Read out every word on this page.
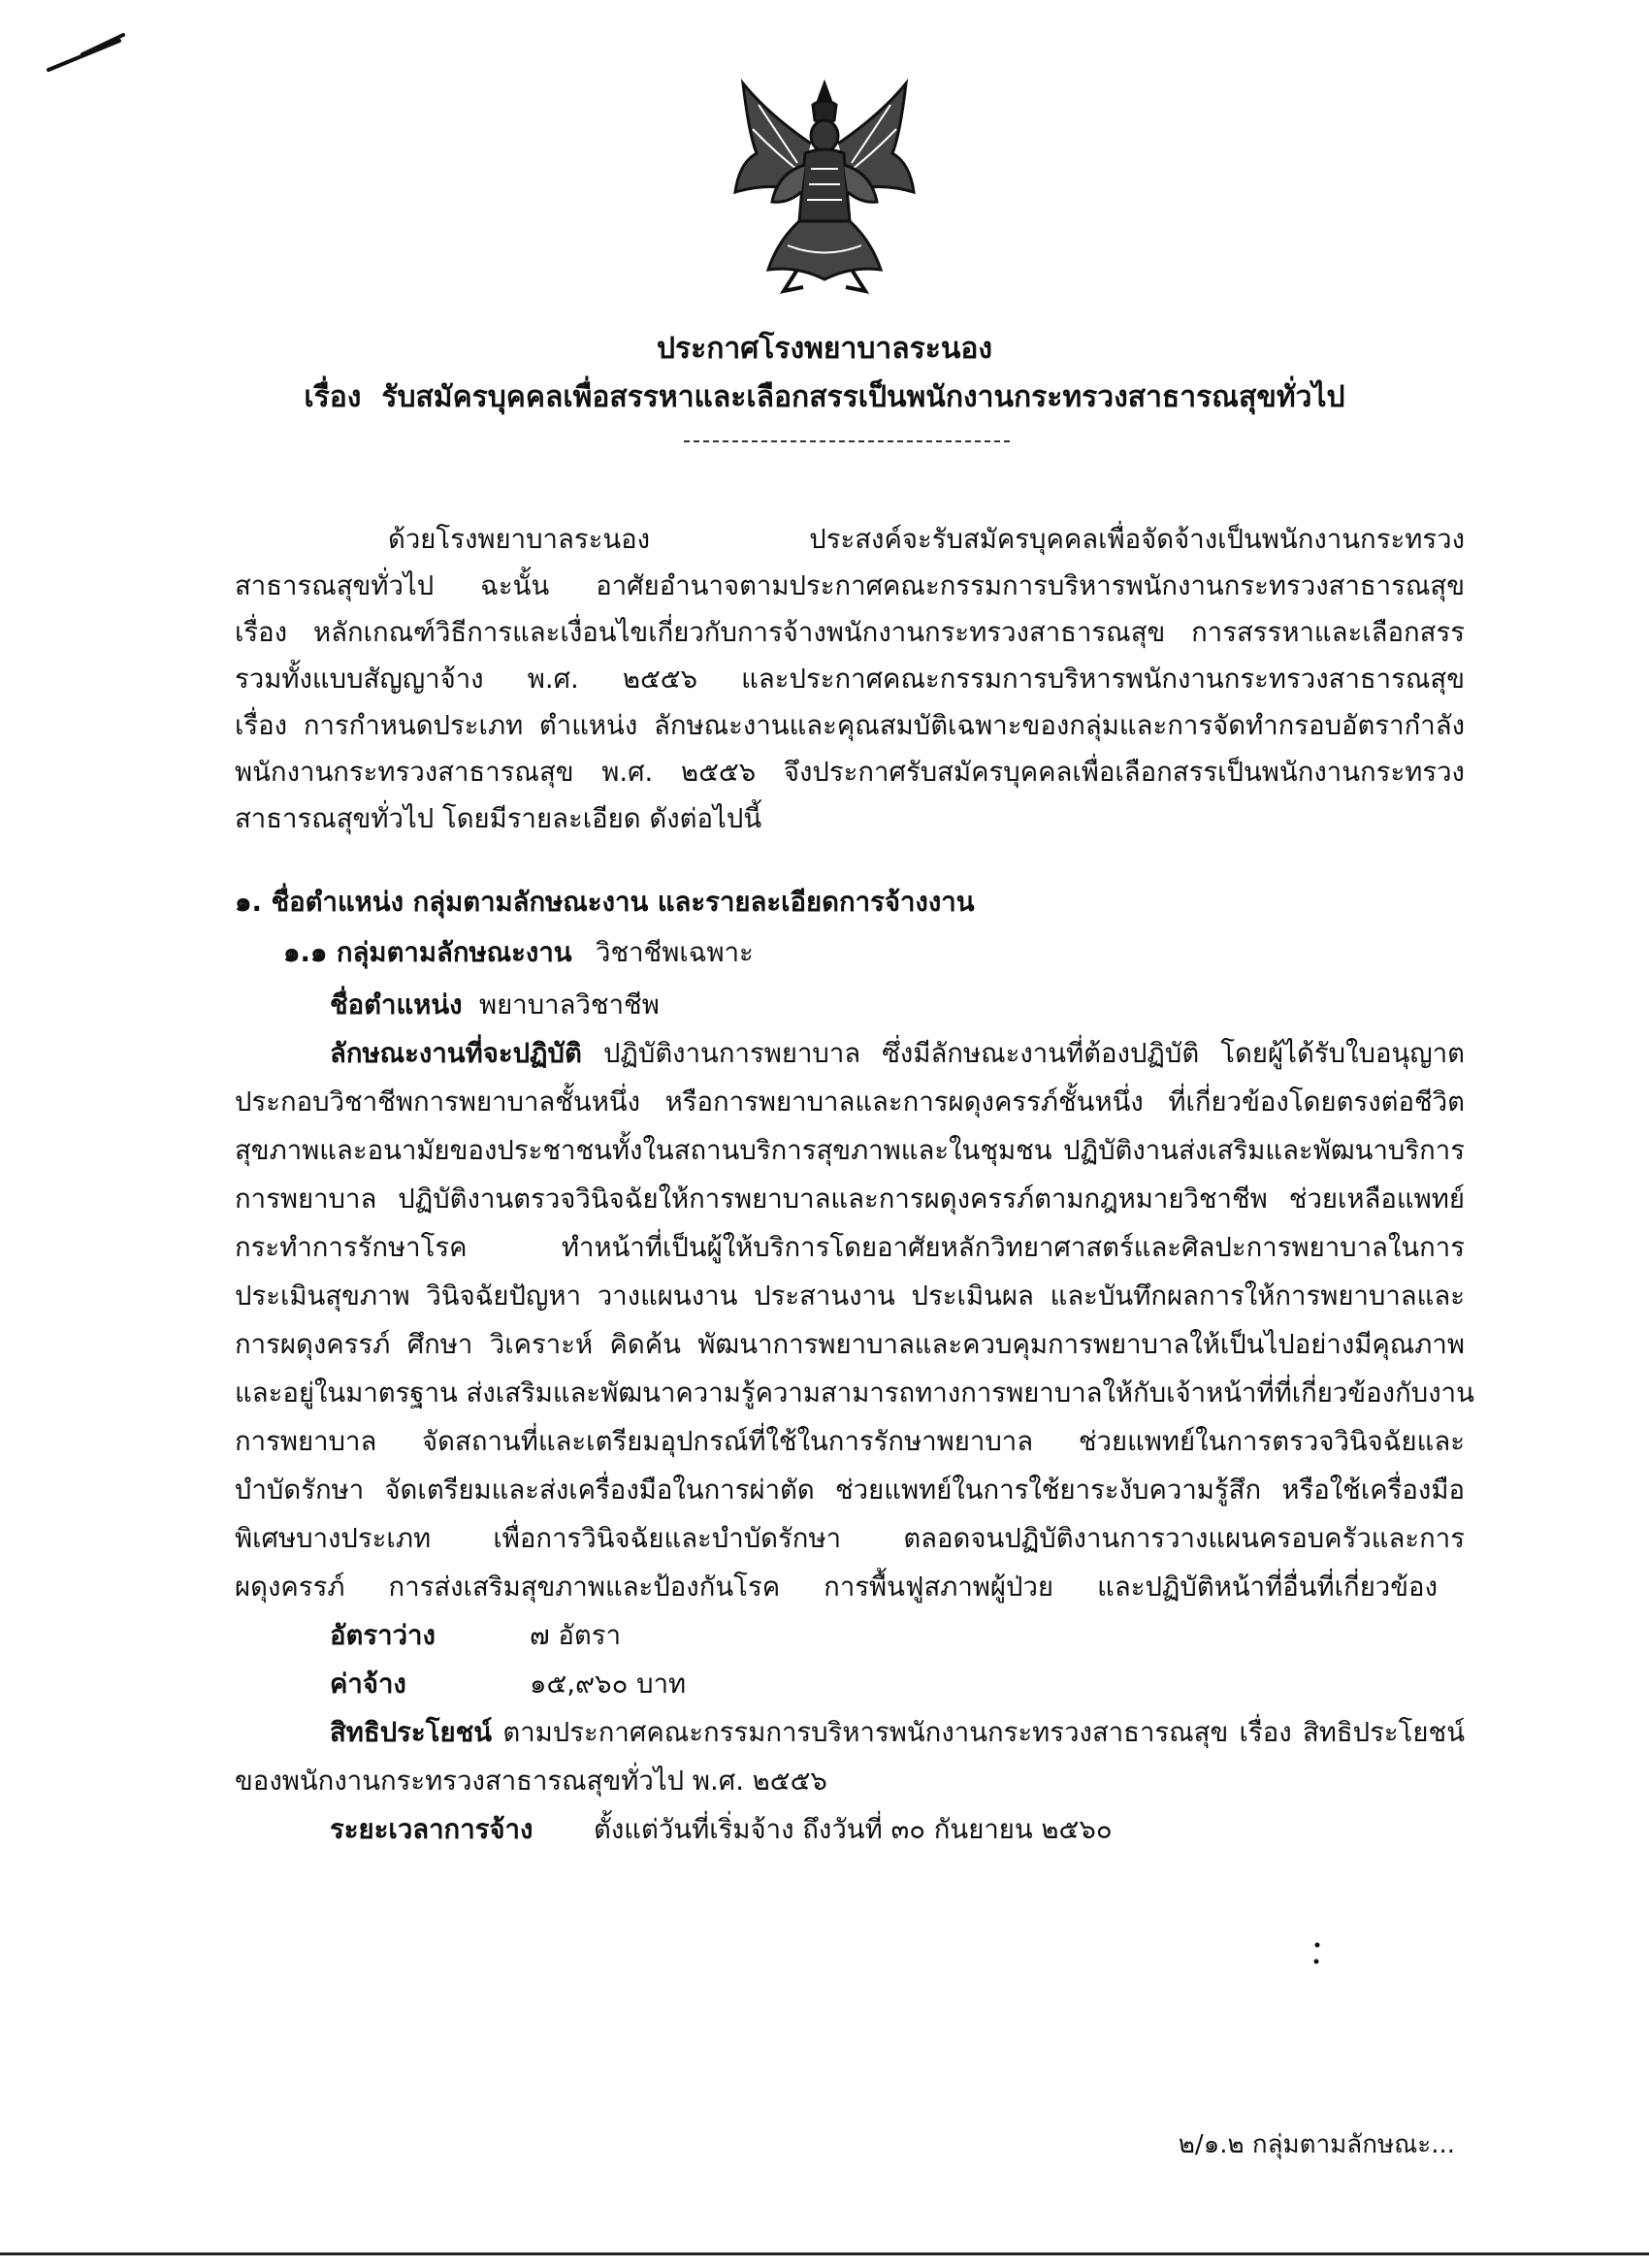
ประกาศโรงพยาบาลระนอง
เรื่อง รับสมัครบุคคลเพื่อสรรหาและเลือกสรรเป็นพนักงานกระทรวงสาธารณสุขทั่วไป
ด้วยโรงพยาบาลระนอง ประสงค์จะรับสมัครบุคคลเพื่อจัดจ้างเป็นพนักงานกระทรวง
สาธารณสุขทั่วไป ฉะนั้น อาศัยอำนาจตามประกาศคณะกรรมการบริหารพนักงานกระทรวงสาธารณสุข
เรื่อง หลักเกณฑ์วิธีการและเงื่อนไขเกี่ยวกับการจ้างพนักงานกระทรวงสาธารณสุข การสรรหาและเลือกสรร
รวมทั้งแบบสัญญาจ้าง พ.ศ. ๒๕๕๖ และประกาศคณะกรรมการบริหารพนักงานกระทรวงสาธารณสุข
เรื่อง การกำหนดประเภท ตำแหน่ง ลักษณะงานและคุณสมบัติเฉพาะของกลุ่มและการจัดทำกรอบอัตรากำลัง
พนักงานกระทรวงสาธารณสุข พ.ศ. ๒๕๕๖ จึงประกาศรับสมัครบุคคลเพื่อเลือกสรรเป็นพนักงานกระทรวง
สาธารณสุขทั่วไป โดยมีรายละเอียด ดังต่อไปนี้
๑. ชื่อตำแหน่ง กลุ่มตามลักษณะงาน และรายละเอียดการจ้างงาน
๑.๑ กลุ่มตามลักษณะงาน วิชาชีพเฉพาะ
ชื่อตำแหน่ง พยาบาลวิชาชีพ
ลักษณะงานที่จะปฏิบัติ ปฏิบัติงานการพยาบาล ซึ่งมีลักษณะงานที่ต้องปฏิบัติ โดยผู้ได้รับใบอนุญาต
ประกอบวิชาชีพการพยาบาลชั้นหนึ่ง หรือการพยาบาลและการผดุงครรภ์ชั้นหนึ่ง ที่เกี่ยวข้องโดยตรงต่อชีวิต
สุขภาพและอนามัยของประชาชนทั้งในสถานบริการสุขภาพและในชุมชน ปฏิบัติงานส่งเสริมและพัฒนาบริการ
การพยาบาล ปฏิบัติงานตรวจวินิจฉัยให้การพยาบาลและการผดุงครรภ์ตามกฎหมายวิชาชีพ ช่วยเหลือแพทย์
กระทำการรักษาโรค ทำหน้าที่เป็นผู้ให้บริการโดยอาศัยหลักวิทยาศาสตร์และศิลปะการพยาบาลในการ
ประเมินสุขภาพ วินิจฉัยปัญหา วางแผนงาน ประสานงาน ประเมินผล และบันทึกผลการให้การพยาบาลและ
การผดุงครรภ์ ศึกษา วิเคราะห์ คิดค้น พัฒนาการพยาบาลและควบคุมการพยาบาลให้เป็นไปอย่างมีคุณภาพ
และอยู่ในมาตรฐาน ส่งเสริมและพัฒนาความรู้ความสามารถทางการพยาบาลให้กับเจ้าหน้าที่ที่เกี่ยวข้องกับงาน
การพยาบาล จัดสถานที่และเตรียมอุปกรณ์ที่ใช้ในการรักษาพยาบาล ช่วยแพทย์ในการตรวจวินิจฉัยและ
บำบัดรักษา จัดเตรียมและส่งเครื่องมือในการผ่าตัด ช่วยแพทย์ในการใช้ยาระงับความรู้สึก หรือใช้เครื่องมือ
พิเศษบางประเภท เพื่อการวินิจฉัยและบำบัดรักษา ตลอดจนปฏิบัติงานการวางแผนครอบครัวและการ
ผดุงครรภ์ การส่งเสริมสุขภาพและป้องกันโรค การพื้นฟูสภาพผู้ป่วย และปฏิบัติหน้าที่อื่นที่เกี่ยวข้อง
อัตราว่าง	๗ อัตรา
ค่าจ้าง	๑๕,๙๖๐ บาท
สิทธิประโยชน์ ตามประกาศคณะกรรมการบริหารพนักงานกระทรวงสาธารณสุข เรื่อง สิทธิประโยชน์
ของพนักงานกระทรวงสาธารณสุขทั่วไป พ.ศ. ๒๕๕๖
ระยะเวลาการจ้าง ตั้งแต่วันที่เริ่มจ้าง ถึงวันที่ ๓๐ กันยายน ๒๕๖๐
๒/๑.๒ กลุ่มตามลักษณะ...
